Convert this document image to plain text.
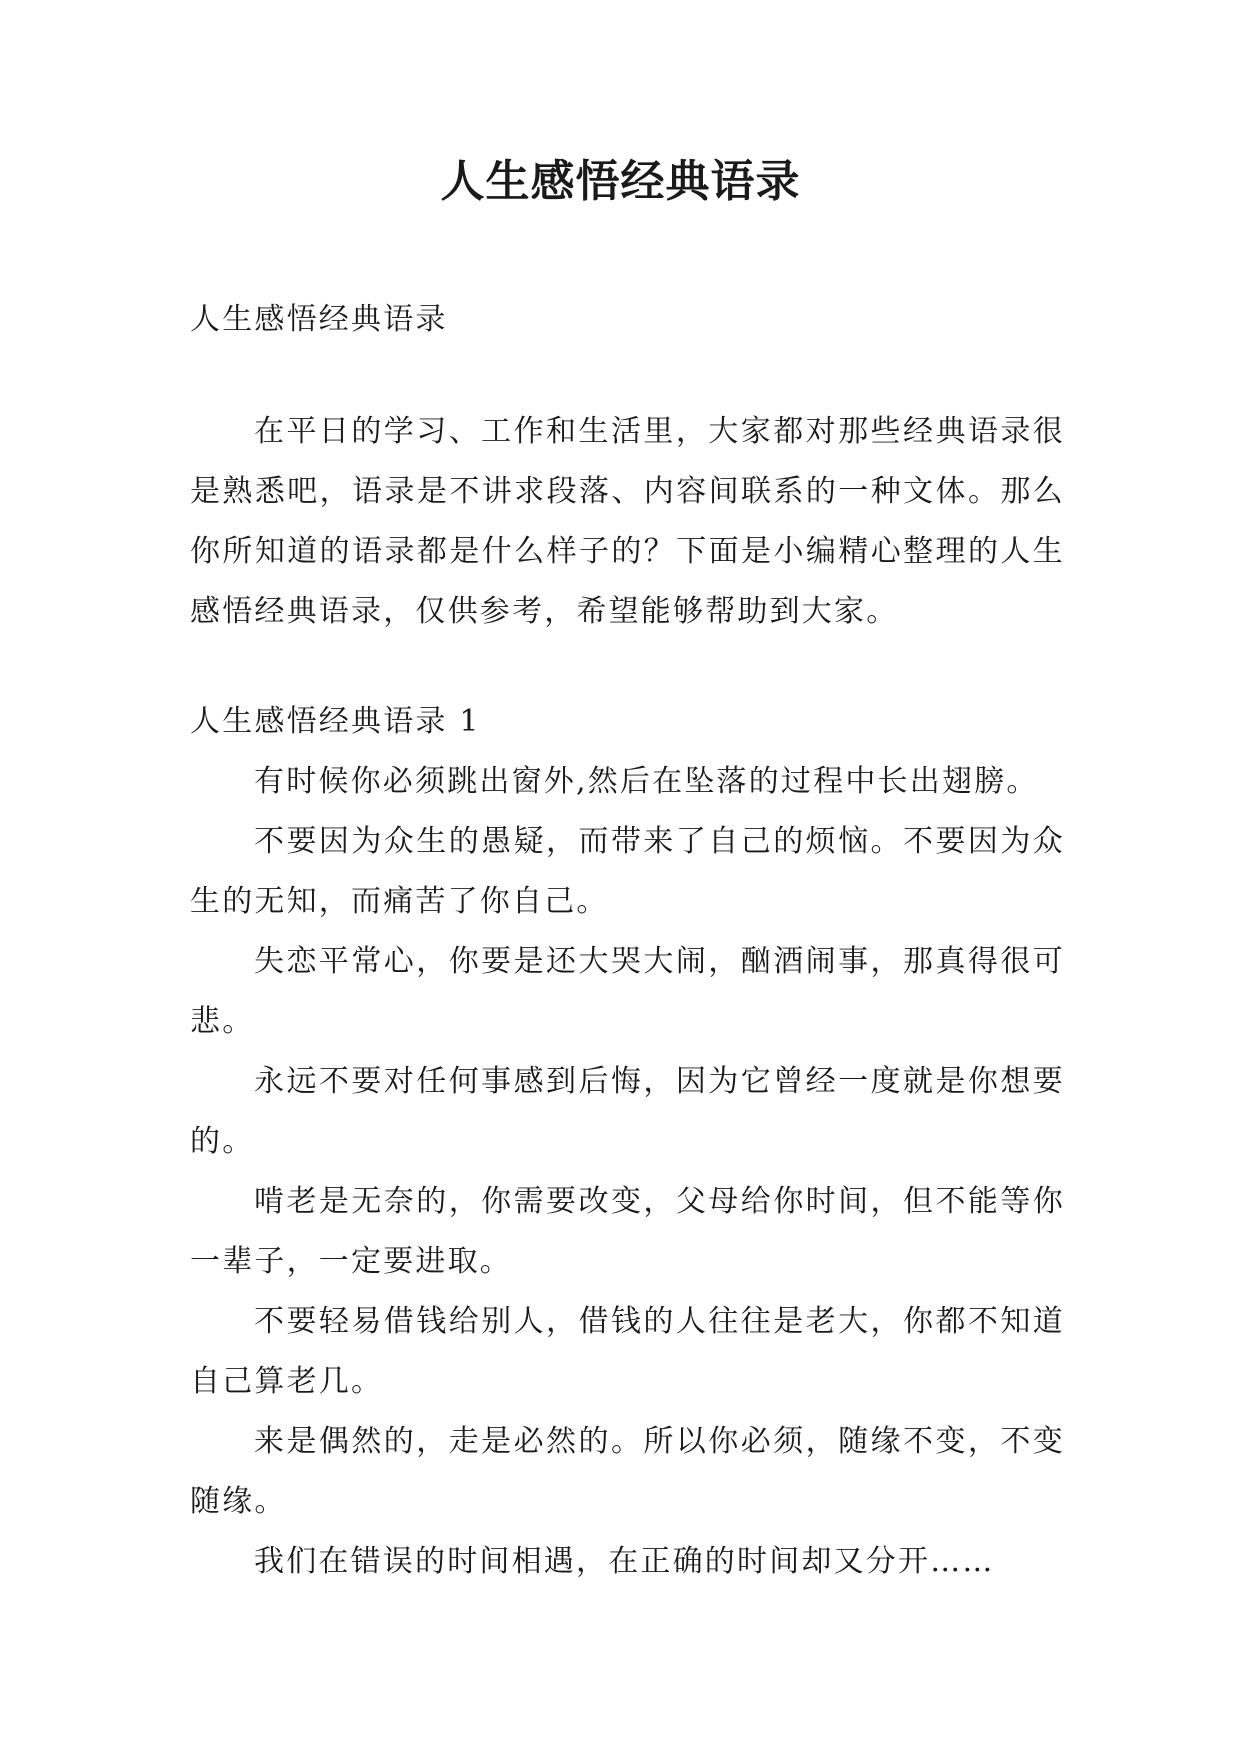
人生感悟经典语录

人生感悟经典语录

在平日的学习、工作和生活里，大家都对那些经典语录很是熟悉吧，语录是不讲求段落、内容间联系的一种文体。那么你所知道的语录都是什么样子的？下面是小编精心整理的人生感悟经典语录，仅供参考，希望能够帮助到大家。

人生感悟经典语录 1

有时候你必须跳出窗外,然后在坠落的过程中长出翅膀。

不要因为众生的愚疑，而带来了自己的烦恼。不要因为众生的无知，而痛苦了你自己。

失恋平常心，你要是还大哭大闹，酗酒闹事，那真得很可悲。

永远不要对任何事感到后悔，因为它曾经一度就是你想要的。

啃老是无奈的，你需要改变，父母给你时间，但不能等你一辈子，一定要进取。

不要轻易借钱给别人，借钱的人往往是老大，你都不知道自己算老几。

来是偶然的，走是必然的。所以你必须，随缘不变，不变随缘。

我们在错误的时间相遇，在正确的时间却又分开……
